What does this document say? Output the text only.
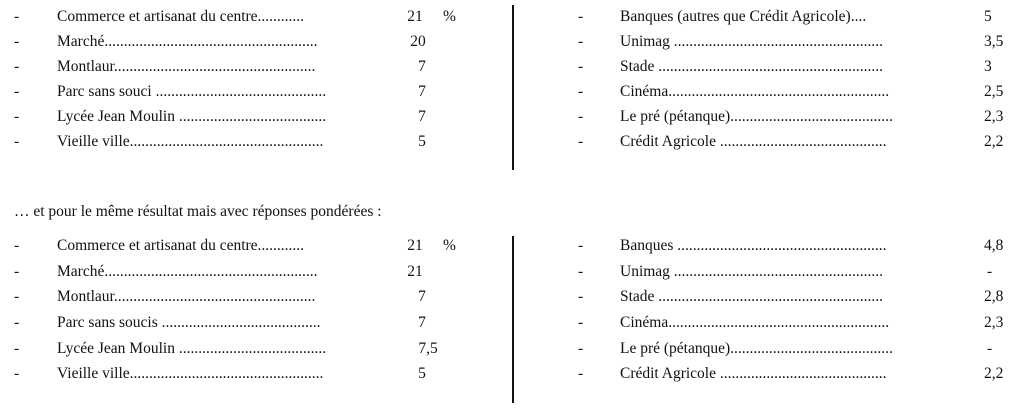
-	Commerce et artisanat du centre............	21	%
-	Marché.......................................................	20
-	Montlaur....................................................	7
-	Parc sans souci ............................................	7
-	Lycée Jean Moulin ......................................	7
-	Vieille ville..................................................	5
-	Banques (autres que Crédit Agricole)....	5
-	Unimag ......................................................	3,5
-	Stade ..........................................................	3
-	Cinéma.........................................................	2,5
-	Le pré (pétanque)..........................................	2,3
-	Crédit Agricole ...........................................	2,2
… et pour le même résultat mais avec réponses pondérées :
-	Commerce et artisanat du centre............	21	%
-	Marché.......................................................	21
-	Montlaur....................................................	7
-	Parc sans soucis .........................................	7
-	Lycée Jean Moulin ......................................	7,5
-	Vieille ville..................................................	5
-	Banques ......................................................	4,8
-	Unimag ......................................................	-
-	Stade ..........................................................	2,8
-	Cinéma.........................................................	2,3
-	Le pré (pétanque)..........................................	-
-	Crédit Agricole ...........................................	2,2
